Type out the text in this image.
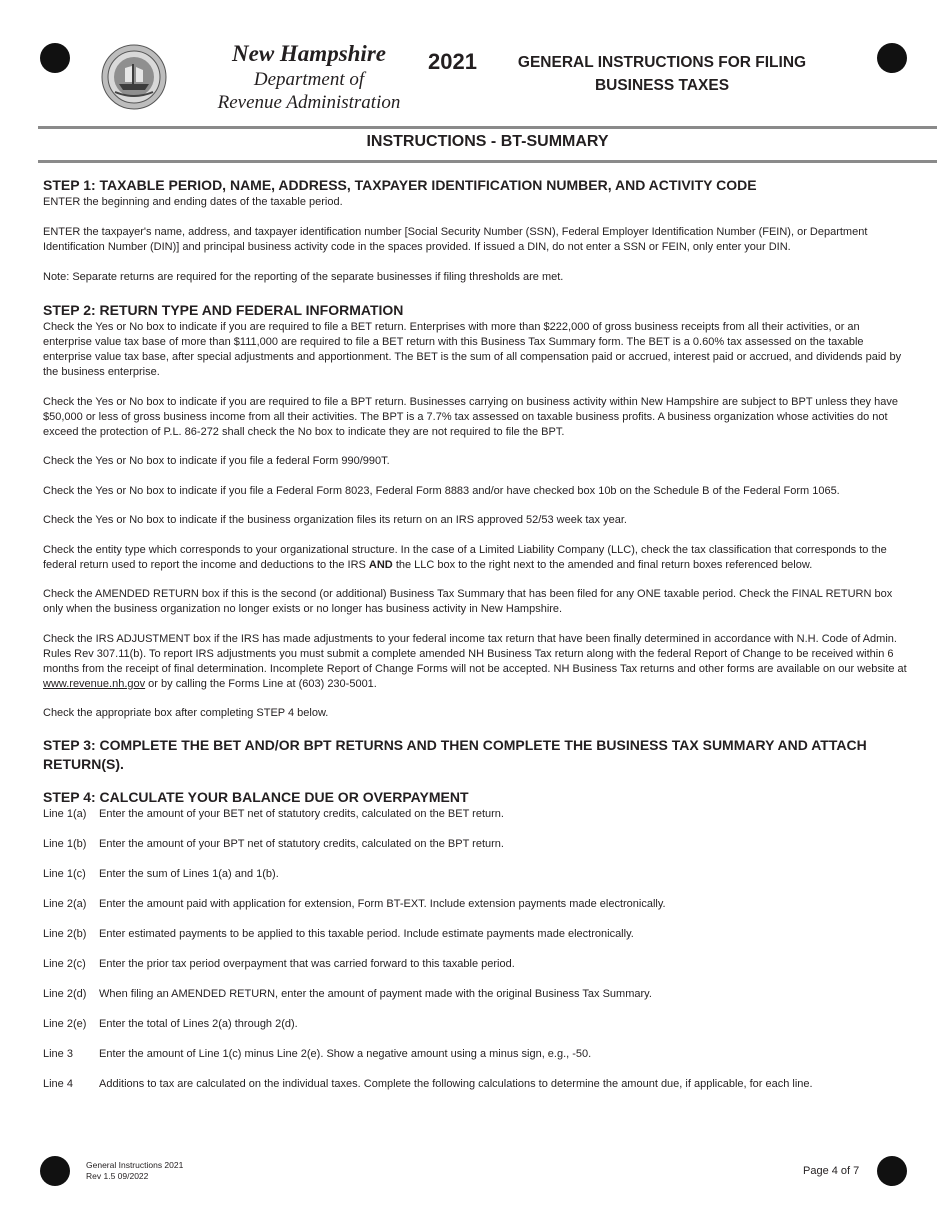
New Hampshire
Department of
Revenue Administration
2021	GENERAL INSTRUCTIONS FOR FILING
BUSINESS TAXES
INSTRUCTIONS - BT-SUMMARY
STEP 1: TAXABLE PERIOD, NAME, ADDRESS, TAXPAYER IDENTIFICATION NUMBER, AND ACTIVITY CODE

ENTER the beginning and ending dates of the taxable period.

ENTER the taxpayer's name, address, and taxpayer identification number [Social Security Number (SSN), Federal Employer Identification Number (FEIN), or Department Identification Number (DIN)] and principal business activity code in the spaces provided. If issued a DIN, do not enter a SSN or FEIN, only enter your DIN.

Note: Separate returns are required for the reporting of the separate businesses if filing thresholds are met.

STEP 2: RETURN TYPE AND FEDERAL INFORMATION

Check the Yes or No box to indicate if you are required to file a BET return. Enterprises with more than $222,000 of gross business receipts from all their activities, or an enterprise value tax base of more than $111,000 are required to file a BET return with this Business Tax Summary form. The BET is a 0.60% tax assessed on the taxable enterprise value tax base, after special adjustments and apportionment. The BET is the sum of all compensation paid or accrued, interest paid or accrued, and dividends paid by the business enterprise.

Check the Yes or No box to indicate if you are required to file a BPT return. Businesses carrying on business activity within New Hampshire are subject to BPT unless they have $50,000 or less of gross business income from all their activities. The BPT is a 7.7% tax assessed on taxable business profits. A business organization whose activities do not exceed the protection of P.L. 86-272 shall check the No box to indicate they are not required to file the BPT.

Check the Yes or No box to indicate if you file a federal Form 990/990T.

Check the Yes or No box to indicate if you file a Federal Form 8023, Federal Form 8883 and/or have checked box 10b on the Schedule B of the Federal Form 1065.

Check the Yes or No box to indicate if the business organization files its return on an IRS approved 52/53 week tax year.

Check the entity type which corresponds to your organizational structure. In the case of a Limited Liability Company (LLC), check the tax classification that corresponds to the federal return used to report the income and deductions to the IRS AND the LLC box to the right next to the amended and final return boxes referenced below.

Check the AMENDED RETURN box if this is the second (or additional) Business Tax Summary that has been filed for any ONE taxable period. Check the FINAL RETURN box only when the business organization no longer exists or no longer has business activity in New Hampshire.

Check the IRS ADJUSTMENT box if the IRS has made adjustments to your federal income tax return that have been finally determined in accordance with N.H. Code of Admin. Rules Rev 307.11(b). To report IRS adjustments you must submit a complete amended NH Business Tax return along with the federal Report of Change to be received within 6 months from the receipt of final determination. Incomplete Report of Change Forms will not be accepted. NH Business Tax returns and other forms are available on our website at www.revenue.nh.gov or by calling the Forms Line at (603) 230-5001.

Check the appropriate box after completing STEP 4 below.

STEP 3: COMPLETE THE BET AND/OR BPT RETURNS AND THEN COMPLETE THE BUSINESS TAX SUMMARY AND ATTACH RETURN(S).
STEP 4: CALCULATE YOUR BALANCE DUE OR OVERPAYMENT
Line 1(a)	Enter the amount of your BET net of statutory credits, calculated on the BET return.
Line 1(b)	Enter the amount of your BPT net of statutory credits, calculated on the BPT return.
Line 1(c)	Enter the sum of Lines 1(a) and 1(b).
Line 2(a)	Enter the amount paid with application for extension, Form BT-EXT. Include extension payments made electronically.
Line 2(b)	Enter estimated payments to be applied to this taxable period. Include estimate payments made electronically.
Line 2(c)	Enter the prior tax period overpayment that was carried forward to this taxable period.
Line 2(d)	When filing an AMENDED RETURN, enter the amount of payment made with the original Business Tax Summary.
Line 2(e)	Enter the total of Lines 2(a) through 2(d).
Line 3	Enter the amount of Line 1(c) minus Line 2(e). Show a negative amount using a minus sign, e.g., -50.
Line 4	Additions to tax are calculated on the individual taxes. Complete the following calculations to determine the amount due, if applicable, for each line.
General Instructions 2021
Rev 1.5 09/2022	Page 4 of 7
